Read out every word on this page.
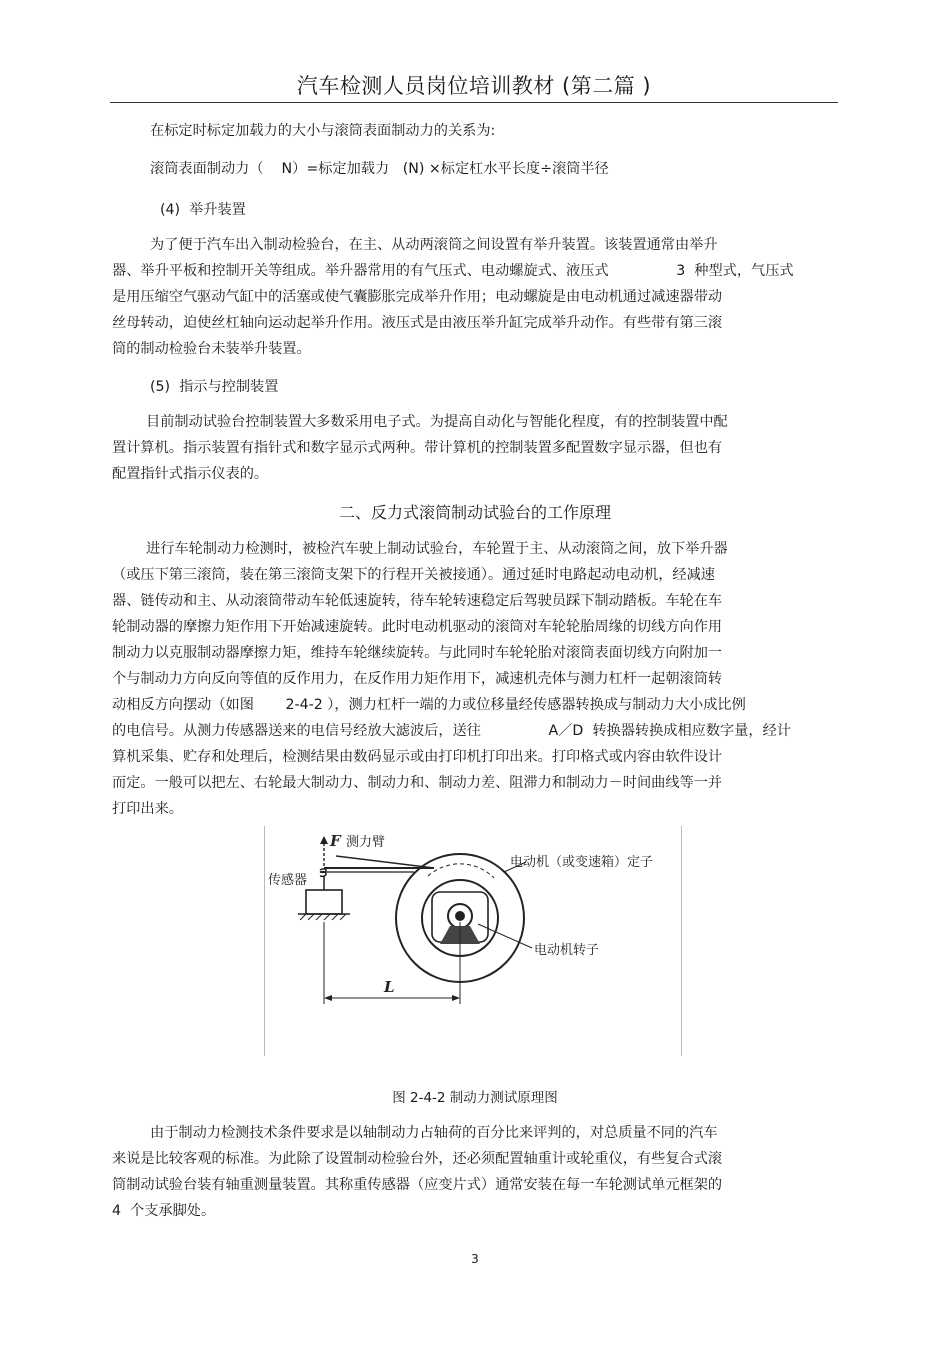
汽车检测人员岗位培训教材 (第二篇 )
在标定时标定加载力的大小与滚筒表面制动力的关系为:
滚筒表面制动力（    N）=标定加载力   (N) ×标定杠水平长度÷滚筒半径
(4)  举升装置
为了便于汽车出入制动检验台，在主、从动两滚筒之间设置有举升装置。该装置通常由举升
器、举升平板和控制开关等组成。举升器常用的有气压式、电动螺旋式、液压式               3  种型式，气压式
是用压缩空气驱动气缸中的活塞或使气囊膨胀完成举升作用；电动螺旋是由电动机通过减速器带动
丝母转动，迫使丝杠轴向运动起举升作用。液压式是由液压举升缸完成举升动作。有些带有第三滚
筒的制动检验台未装举升装置。
(5)  指示与控制装置
目前制动试验台控制装置大多数采用电子式。为提高自动化与智能化程度，有的控制装置中配
置计算机。指示装置有指针式和数字显示式两种。带计算机的控制装置多配置数字显示器，但也有
配置指针式指示仪表的。
二、反力式滚筒制动试验台的工作原理
进行车轮制动力检测时，被检汽车驶上制动试验台，车轮置于主、从动滚筒之间，放下举升器
（或压下第三滚筒，装在第三滚筒支架下的行程开关被接通）。通过延时电路起动电动机，经减速
器、链传动和主、从动滚筒带动车轮低速旋转，待车轮转速稳定后驾驶员踩下制动踏板。车轮在车
轮制动器的摩擦力矩作用下开始减速旋转。此时电动机驱动的滚筒对车轮轮胎周缘的切线方向作用
制动力以克服制动器摩擦力矩，维持车轮继续旋转。与此同时车轮轮胎对滚筒表面切线方向附加一
个与制动力方向反向等值的反作用力，在反作用力矩作用下，减速机壳体与测力杠杆一起朝滚筒转
动相反方向摆动（如图       2-4-2 ），测力杠杆一端的力或位移量经传感器转换成与制动力大小成比例
的电信号。从测力传感器送来的电信号经放大滤波后，送往               A／D  转换器转换成相应数字量，经计
算机采集、贮存和处理后，检测结果由数码显示或由打印机打印出来。打印格式或内容由软件设计
而定。一般可以把左、右轮最大制动力、制动力和、制动力差、阻滞力和制动力－时间曲线等一并
打印出来。
F 测力臂
传感器
电动机（或变速箱）定子
电动机转子
L
图 2-4-2 制动力测试原理图
由于制动力检测技术条件要求是以轴制动力占轴荷的百分比来评判的，对总质量不同的汽车
来说是比较客观的标准。为此除了设置制动检验台外，还必须配置轴重计或轮重仪，有些复合式滚
筒制动试验台装有轴重测量装置。其称重传感器（应变片式）通常安装在每一车轮测试单元框架的
4  个支承脚处。
3
